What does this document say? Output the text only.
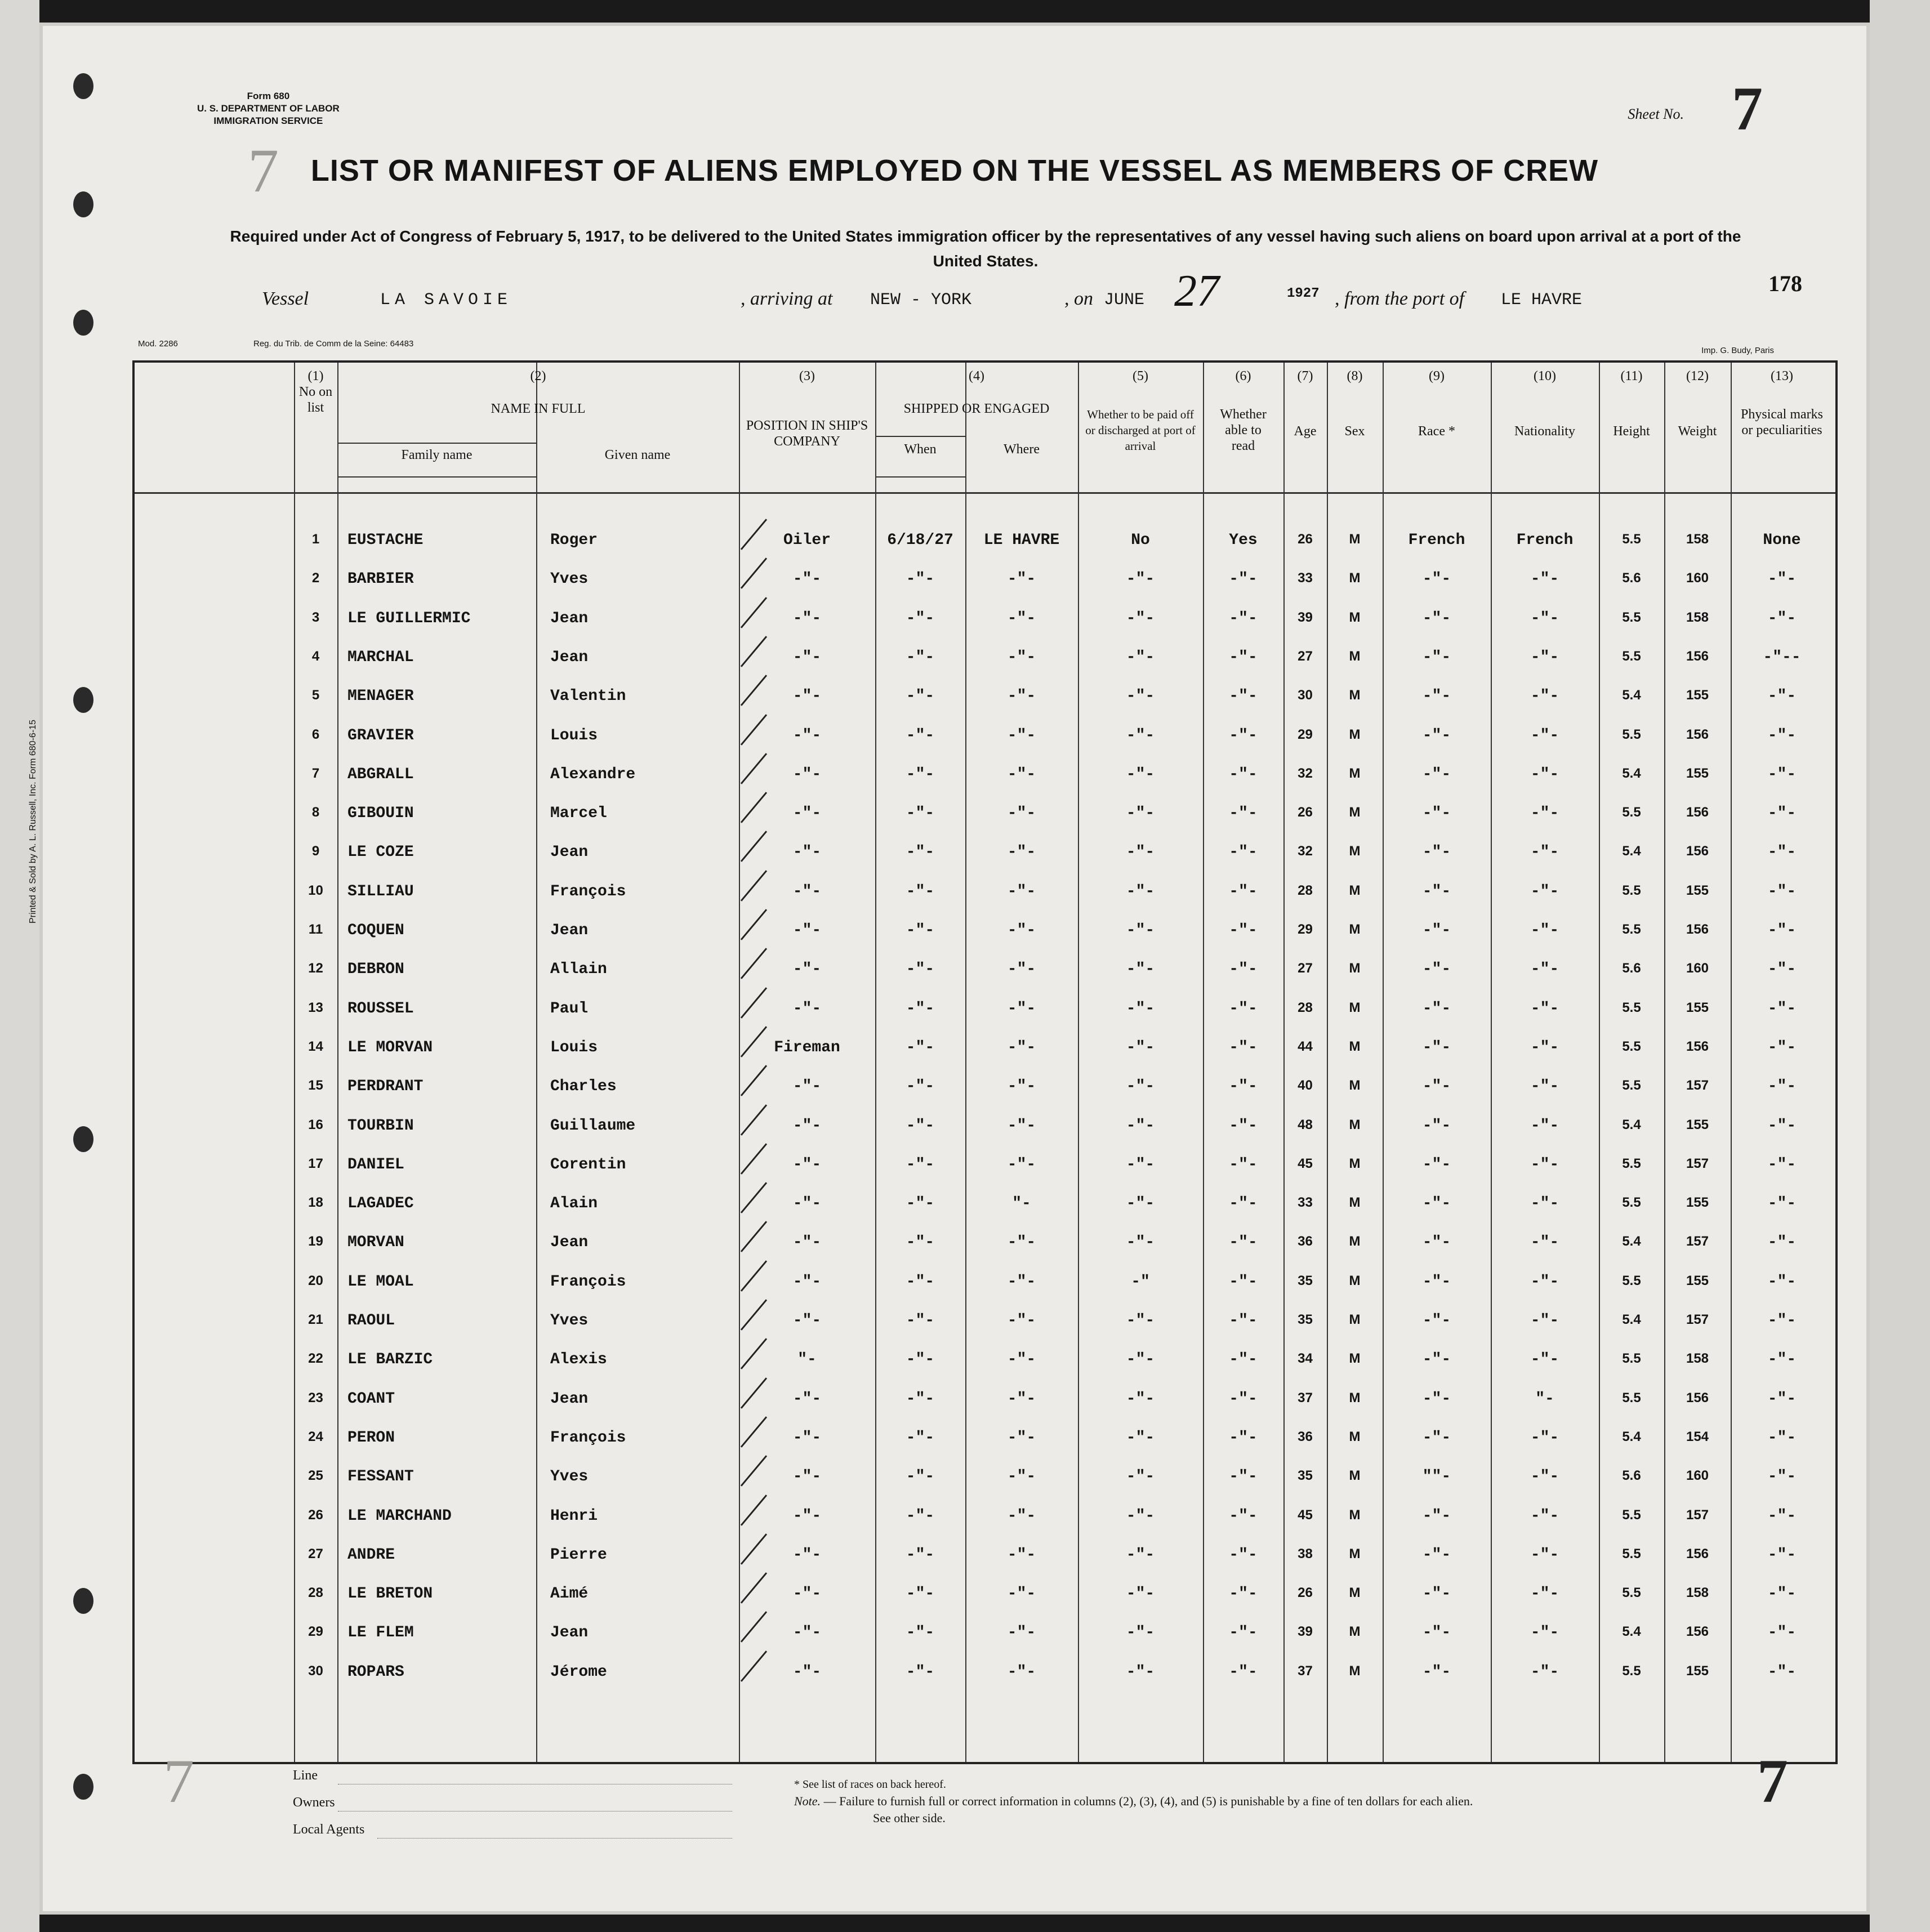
Form 680
U. S. DEPARTMENT OF LABOR
IMMIGRATION SERVICE	Sheet No. 7
7
178
LIST OR MANIFEST OF ALIENS EMPLOYED ON THE VESSEL AS MEMBERS OF CREW
Required under Act of Congress of February 5, 1917, to be delivered to the United States immigration officer by the representatives of any vessel having such aliens on board upon arrival at a port of the United States.
Vessel	LA SAVOIE	, arriving at NEW - YORK	, on JUNE 27	1927 , from the port of LE HAVRE
Mod. 2286	Reg. du Trib. de Comm de la Seine: 64483
Imp. G. Budy, Paris
Printed & Sold by A. L. Russell, Inc. Form 680-6-15
(1)
No on list
(2)
NAME IN FULL
Family name	Given name
(3)
POSITION IN SHIP'S COMPANY
(4)
SHIPPED OR ENGAGED
When	Where
(5)
Whether to be paid off or discharged at port of arrival
(6)
Whether able to read
(7)
Age
(8)
Sex
(9)
Race *
(10)
Nationality
(11)
Height
(12)
Weight
(13)
Physical marks or peculiarities
1	EUSTACHE	Roger	Oiler	6/18/27	LE HAVRE	No	Yes	26	M	French	French	5.5	158	None
2	BARBIER	Yves	-"-	-"-	-"-	-"-	-"-	33	M	-"-	-"-	5.6	160	-"-
3	LE GUILLERMIC	Jean	-"-	-"-	-"-	-"-	-"-	39	M	-"-	-"-	5.5	158	-"-
4	MARCHAL	Jean	-"-	-"-	-"-	-"-	-"-	27	M	-"-	-"-	5.5	156	-"--
5	MENAGER	Valentin	-"-	-"-	-"-	-"-	-"-	30	M	-"-	-"-	5.4	155	-"-
6	GRAVIER	Louis	-"-	-"-	-"-	-"-	-"-	29	M	-"-	-"-	5.5	156	-"-
7	ABGRALL	Alexandre	-"-	-"-	-"-	-"-	-"-	32	M	-"-	-"-	5.4	155	-"-
8	GIBOUIN	Marcel	-"-	-"-	-"-	-"-	-"-	26	M	-"-	-"-	5.5	156	-"-
9	LE COZE	Jean	-"-	-"-	-"-	-"-	-"-	32	M	-"-	-"-	5.4	156	-"-
10	SILLIAU	François	-"-	-"-	-"-	-"-	-"-	28	M	-"-	-"-	5.5	155	-"-
11	COQUEN	Jean	-"-	-"-	-"-	-"-	-"-	29	M	-"-	-"-	5.5	156	-"-
12	DEBRON	Allain	-"-	-"-	-"-	-"-	-"-	27	M	-"-	-"-	5.6	160	-"-
13	ROUSSEL	Paul	-"-	-"-	-"-	-"-	-"-	28	M	-"-	-"-	5.5	155	-"-
14	LE MORVAN	Louis	Fireman	-"-	-"-	-"-	-"-	44	M	-"-	-"-	5.5	156	-"-
15	PERDRANT	Charles	-"-	-"-	-"-	-"-	-"-	40	M	-"-	-"-	5.5	157	-"-
16	TOURBIN	Guillaume	-"-	-"-	-"-	-"-	-"-	48	M	-"-	-"-	5.4	155	-"-
17	DANIEL	Corentin	-"-	-"-	-"-	-"-	-"-	45	M	-"-	-"-	5.5	157	-"-
18	LAGADEC	Alain	-"-	-"-	"-	-"-	-"-	33	M	-"-	-"-	5.5	155	-"-
19	MORVAN	Jean	-"-	-"-	-"-	-"-	-"-	36	M	-"-	-"-	5.4	157	-"-
20	LE MOAL	François	-"-	-"-	-"-	-"	-"-	35	M	-"-	-"-	5.5	155	-"-
21	RAOUL	Yves	-"-	-"-	-"-	-"-	-"-	35	M	-"-	-"-	5.4	157	-"-
22	LE BARZIC	Alexis	"-	-"-	-"-	-"-	-"-	34	M	-"-	-"-	5.5	158	-"-
23	COANT	Jean	-"-	-"-	-"-	-"-	-"-	37	M	-"-	"-	5.5	156	-"-
24	PERON	François	-"-	-"-	-"-	-"-	-"-	36	M	-"-	-"-	5.4	154	-"-
25	FESSANT	Yves	-"-	-"-	-"-	-"-	-"-	35	M	""-	-"-	5.6	160	-"-
26	LE MARCHAND	Henri	-"-	-"-	-"-	-"-	-"-	45	M	-"-	-"-	5.5	157	-"-
27	ANDRE	Pierre	-"-	-"-	-"-	-"-	-"-	38	M	-"-	-"-	5.5	156	-"-
28	LE BRETON	Aimé	-"-	-"-	-"-	-"-	-"-	26	M	-"-	-"-	5.5	158	-"-
29	LE FLEM	Jean	-"-	-"-	-"-	-"-	-"-	39	M	-"-	-"-	5.4	156	-"-
30	ROPARS	Jérome	-"-	-"-	-"-	-"-	-"-	37	M	-"-	-"-	5.5	155	-"-
Line
Owners
Local Agents
* See list of races on back hereof.
Note. — Failure to furnish full or correct information in columns (2), (3), (4), and (5) is punishable by a fine of ten dollars for each alien.
See other side.
7	7
